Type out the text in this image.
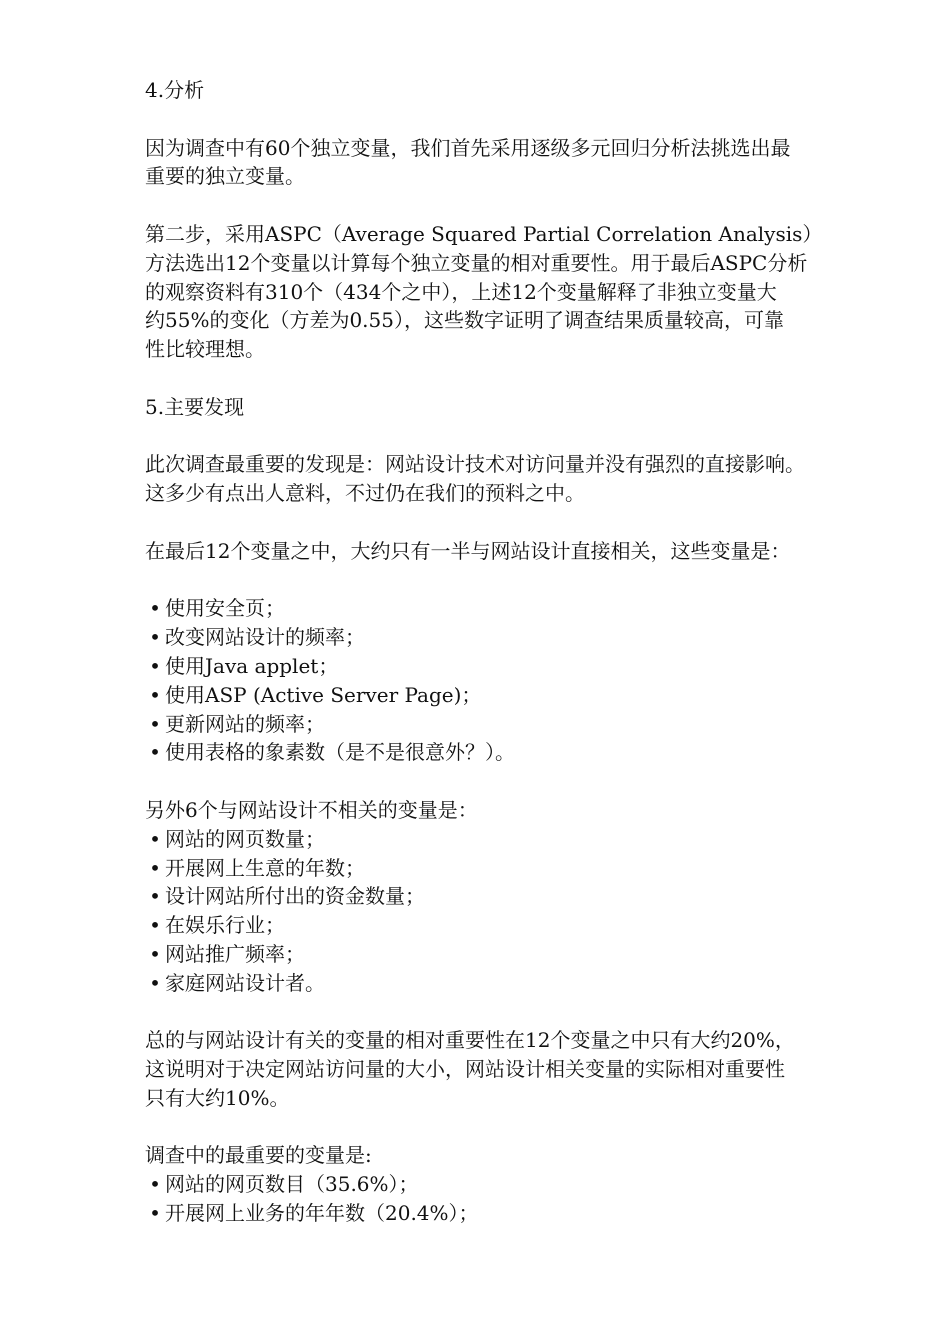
4.分析

因为调查中有60个独立变量，我们首先采用逐级多元回归分析法挑选出最

重要的独立变量。

第二步，采用ASPC（Average Squared Partial Correlation Analysis）

方法选出12个变量以计算每个独立变量的相对重要性。用于最后ASPC分析

的观察资料有310个（434个之中），上述12个变量解释了非独立变量大

约55%的变化（方差为0.55），这些数字证明了调查结果质量较高，可靠

性比较理想。

5.主要发现

此次调查最重要的发现是：网站设计技术对访问量并没有强烈的直接影响。

这多少有点出人意料，不过仍在我们的预料之中。

在最后12个变量之中，大约只有一半与网站设计直接相关，这些变量是：

• 使用安全页；

• 改变网站设计的频率；

• 使用Java applet；

• 使用ASP (Active Server Page)；

• 更新网站的频率；

• 使用表格的象素数（是不是很意外？）。

另外6个与网站设计不相关的变量是：

• 网站的网页数量；

• 开展网上生意的年数；

• 设计网站所付出的资金数量；

• 在娱乐行业；

• 网站推广频率；

• 家庭网站设计者。

总的与网站设计有关的变量的相对重要性在12个变量之中只有大约20%，

这说明对于决定网站访问量的大小，网站设计相关变量的实际相对重要性

只有大约10%。

调查中的最重要的变量是:

• 网站的网页数目（35.6%）；

• 开展网上业务的年年数（20.4%）；
